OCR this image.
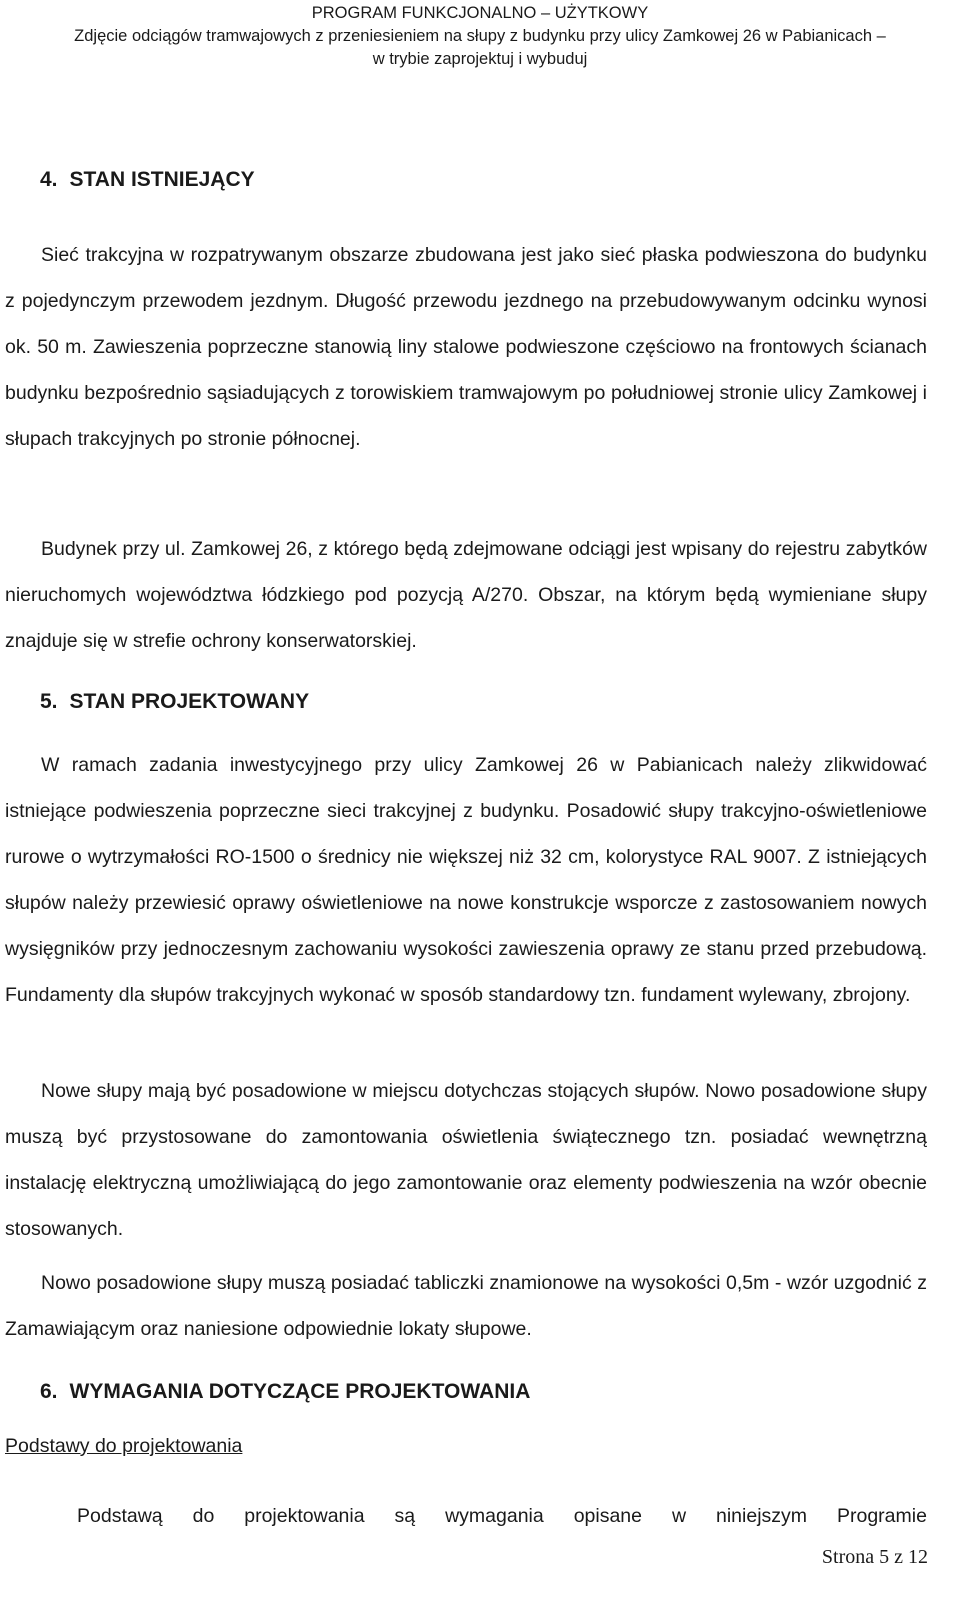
PROGRAM FUNKCJONALNO – UŻYTKOWY
Zdjęcie odciągów tramwajowych z przeniesieniem na słupy z budynku przy ulicy Zamkowej 26 w Pabianicach –
w trybie zaprojektuj i wybuduj
4. STAN ISTNIEJĄCY

Sieć trakcyjna w rozpatrywanym obszarze zbudowana jest jako sieć płaska podwieszona do budynku z pojedynczym przewodem jezdnym. Długość przewodu jezdnego na przebudowywanym odcinku wynosi ok. 50 m. Zawieszenia poprzeczne stanowią liny stalowe podwieszone częściowo na frontowych ścianach budynku bezpośrednio sąsiadujących z torowiskiem tramwajowym po południowej stronie ulicy Zamkowej i słupach trakcyjnych po stronie północnej.

Budynek przy ul. Zamkowej 26, z którego będą zdejmowane odciągi jest wpisany do rejestru zabytków nieruchomych województwa łódzkiego pod pozycją A/270. Obszar, na którym będą wymieniane słupy znajduje się w strefie ochrony konserwatorskiej.

5. STAN PROJEKTOWANY

W ramach zadania inwestycyjnego przy ulicy Zamkowej 26 w Pabianicach należy zlikwidować istniejące podwieszenia poprzeczne sieci trakcyjnej z budynku. Posadowić słupy trakcyjno-oświetleniowe rurowe o wytrzymałości RO-1500 o średnicy nie większej niż 32 cm, kolorystyce RAL 9007. Z istniejących słupów należy przewiesić oprawy oświetleniowe na nowe konstrukcje wsporcze z zastosowaniem nowych wysięgników przy jednoczesnym zachowaniu wysokości zawieszenia oprawy ze stanu przed przebudową. Fundamenty dla słupów trakcyjnych wykonać w sposób standardowy tzn. fundament wylewany, zbrojony.

Nowe słupy mają być posadowione w miejscu dotychczas stojących słupów. Nowo posadowione słupy muszą być przystosowane do zamontowania oświetlenia świątecznego tzn. posiadać wewnętrzną instalację elektryczną umożliwiającą do jego zamontowanie oraz elementy podwieszenia na wzór obecnie stosowanych.

Nowo posadowione słupy muszą posiadać tabliczki znamionowe na wysokości 0,5m - wzór uzgodnić z Zamawiającym oraz naniesione odpowiednie lokaty słupowe.

6. WYMAGANIA DOTYCZĄCE PROJEKTOWANIA
Podstawy do projektowania
Podstawą do projektowania są wymagania opisane w niniejszym Programie
Strona 5 z 12
